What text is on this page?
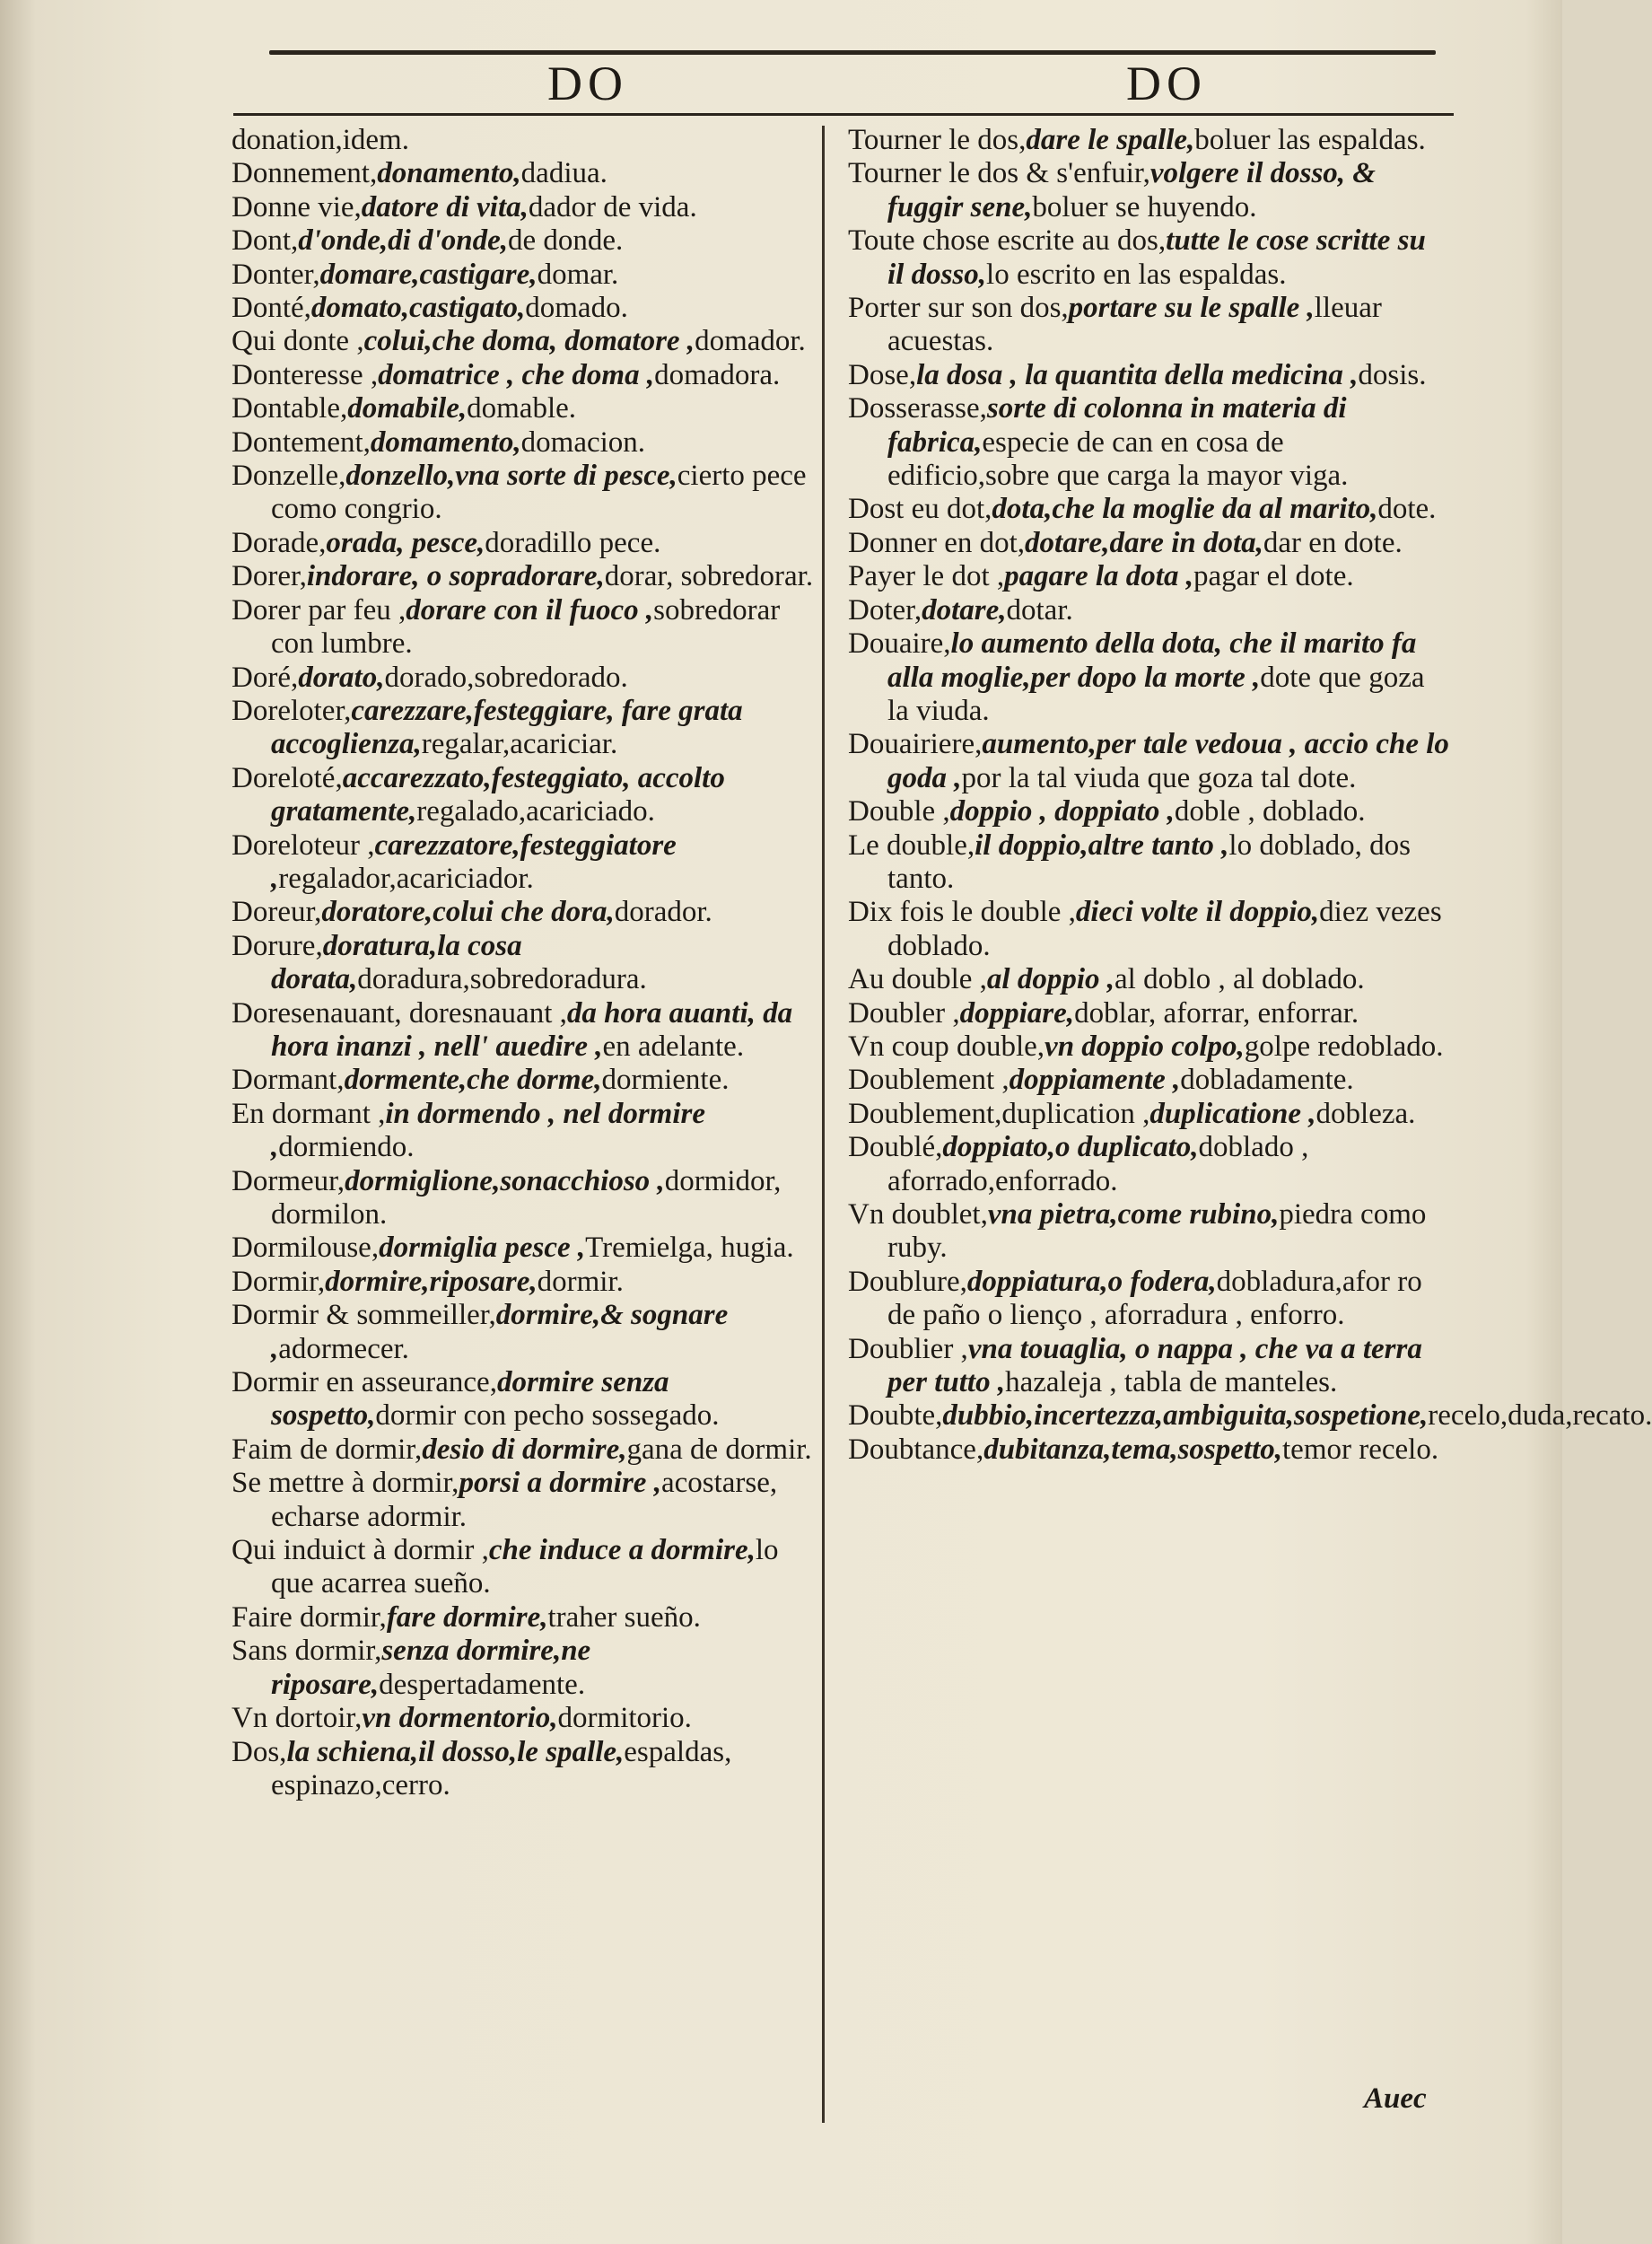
DO	DO

donation,idem.

Donnement,donamento,dadiua.

Donne vie,datore di vita,dador de vida.

Dont,d'onde,di d'onde,de donde.

Donter,domare,castigare,domar.

Donté,domato,castigato,domado.

Qui donte ,colui,che doma, domatore ,domador.

Donteresse ,domatrice , che doma ,domadora.

Dontable,domabile,domable.

Dontement,domamento,domacion.

Donzelle,donzello,vna sorte di pesce,cierto pece como congrio.

Dorade,orada, pesce,doradillo pece.

Dorer,indorare, o sopradorare,dorar, sobredorar.

Dorer par feu ,dorare con il fuoco ,sobredorar con lumbre.

Doré,dorato,dorado,sobredorado.

Doreloter,carezzare,festeggiare, fare grata accoglienza,regalar,acariciar.

Doreloté,accarezzato,festeggiato, accolto gratamente,regalado,acariciado.

Doreloteur ,carezzatore,festeggiatore ,regalador,acariciador.

Doreur,doratore,colui che dora,dorador.

Dorure,doratura,la cosa dorata,doradura,sobredoradura.

Doresenauant, doresnauant ,da hora auanti, da hora inanzi , nell' auedire ,en adelante.

Dormant,dormente,che dorme,dormiente.

En dormant ,in dormendo , nel dormire ,dormiendo.

Dormeur,dormiglione,sonacchioso ,dormidor, dormilon.

Dormilouse,dormiglia pesce ,Tremielga, hugia.

Dormir,dormire,riposare,dormir.

Dormir & sommeiller,dormire,& sognare ,adormecer.

Dormir en asseurance,dormire senza sospetto,dormir con pecho sossegado.

Faim de dormir,desio di dormire,gana de dormir.

Se mettre à dormir,porsi a dormire ,acostarse, echarse adormir.

Qui induict à dormir ,che induce a dormire,lo que acarrea sueño.

Faire dormir,fare dormire,traher sueño.

Sans dormir,senza dormire,ne riposare,despertadamente.

Vn dortoir,vn dormentorio,dormitorio.

Dos,la schiena,il dosso,le spalle,espaldas, espinazo,cerro.

Tourner le dos,dare le spalle,boluer las espaldas.

Tourner le dos & s'enfuir,volgere il dosso, & fuggir sene,boluer se huyendo.

Toute chose escrite au dos,tutte le cose scritte su il dosso,lo escrito en las espaldas.

Porter sur son dos,portare su le spalle ,lleuar acuestas.

Dose,la dosa , la quantita della medicina ,dosis.

Dosserasse,sorte di colonna in materia di fabrica,especie de can en cosa de edificio,sobre que carga la mayor viga.

Dost eu dot,dota,che la moglie da al marito,dote.

Donner en dot,dotare,dare in dota,dar en dote.

Payer le dot ,pagare la dota ,pagar el dote.

Doter,dotare,dotar.

Douaire,lo aumento della dota, che il marito fa alla moglie,per dopo la morte ,dote que goza la viuda.

Douairiere,aumento,per tale vedoua , accio che lo goda ,por la tal viuda que goza tal dote.

Double ,doppio , doppiato ,doble , doblado.

Le double,il doppio,altre tanto ,lo doblado, dos tanto.

Dix fois le double ,dieci volte il doppio,diez vezes doblado.

Au double ,al doppio ,al doblo , al doblado.

Doubler ,doppiare,doblar, aforrar, enforrar.

Vn coup double,vn doppio colpo,golpe redoblado.

Doublement ,doppiamente ,dobladamente.

Doublement,duplication ,duplicatione ,dobleza.

Doublé,doppiato,o duplicato,doblado , aforrado,enforrado.

Vn doublet,vna pietra,come rubino,piedra como ruby.

Doublure,doppiatura,o fodera,dobladura,afor ro de paño o lienço , aforradura , enforro.

Doublier ,vna touaglia, o nappa , che va a terra per tutto ,hazaleja , tabla de manteles.

Doubte,dubbio,incertezza,ambiguita,sospetione,recelo,duda,recato.

Doubtance,dubitanza,tema,sospetto,temor recelo.

Auec
